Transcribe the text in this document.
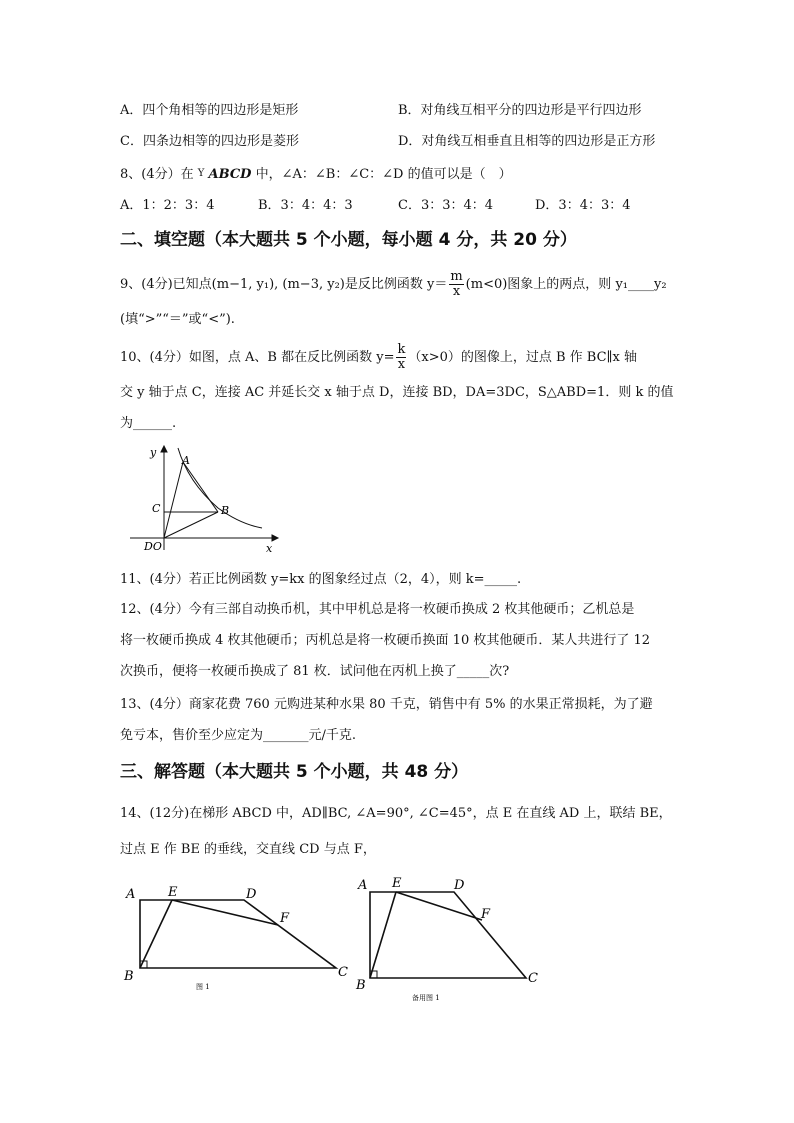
A．四个角相等的四边形是矩形	B．对角线互相平分的四边形是平行四边形
C．四条边相等的四边形是菱形	D．对角线互相垂直且相等的四边形是正方形
8、(4分）在 Y ABCD 中，∠A：∠B：∠C：∠D 的值可以是（　）
A．1：2：3：4	B．3：4：4：3	C．3：3：4：4	D．3：4：3：4
二、填空题（本大题共 5 个小题，每小题 4 分，共 20 分）
9、(4分)已知点(m−1, y₁), (m−3, y₂)是反比例函数 $y= \frac{m}{x} (m<0)$图象上的两点，则 y₁____y₂
(填“>”“＝”或“<”).
10、(4分）如图，点 A、B 都在反比例函数 $y= \frac{k}{x} (x>0)$的图像上，过点 B 作 BC∥x 轴
交 y 轴于点 C，连接 AC 并延长交 x 轴于点 D，连接 BD，DA=3DC，S△ABD=1．则 k 的值
为______.
y
x
A
B
C
DO
11、(4分）若正比例函数 y=kx 的图象经过点（2，4），则 k=_____.
12、(4分）今有三部自动换币机，其中甲机总是将一枚硬币换成 2 枚其他硬币；乙机总是
将一枚硬币换成 4 枚其他硬币；丙机总是将一枚硬币换面 10 枚其他硬币．某人共进行了 12
次换币，便将一枚硬币换成了 81 枚．试问他在丙机上换了_____次?
13、(4分）商家花费 760 元购进某种水果 80 千克，销售中有 5% 的水果正常损耗，为了避
免亏本，售价至少应定为_______元/千克.
三、解答题（本大题共 5 个小题，共 48 分）
14、(12分)在梯形 ABCD 中，AD∥BC, ∠A=90°, ∠C=45°，点 E 在直线 AD 上，联结 BE，
过点 E 作 BE 的垂线，交直线 CD 与点 F，
A	E	D
F
B	C
图 1
A E	D
F
B	C
备用图 1
